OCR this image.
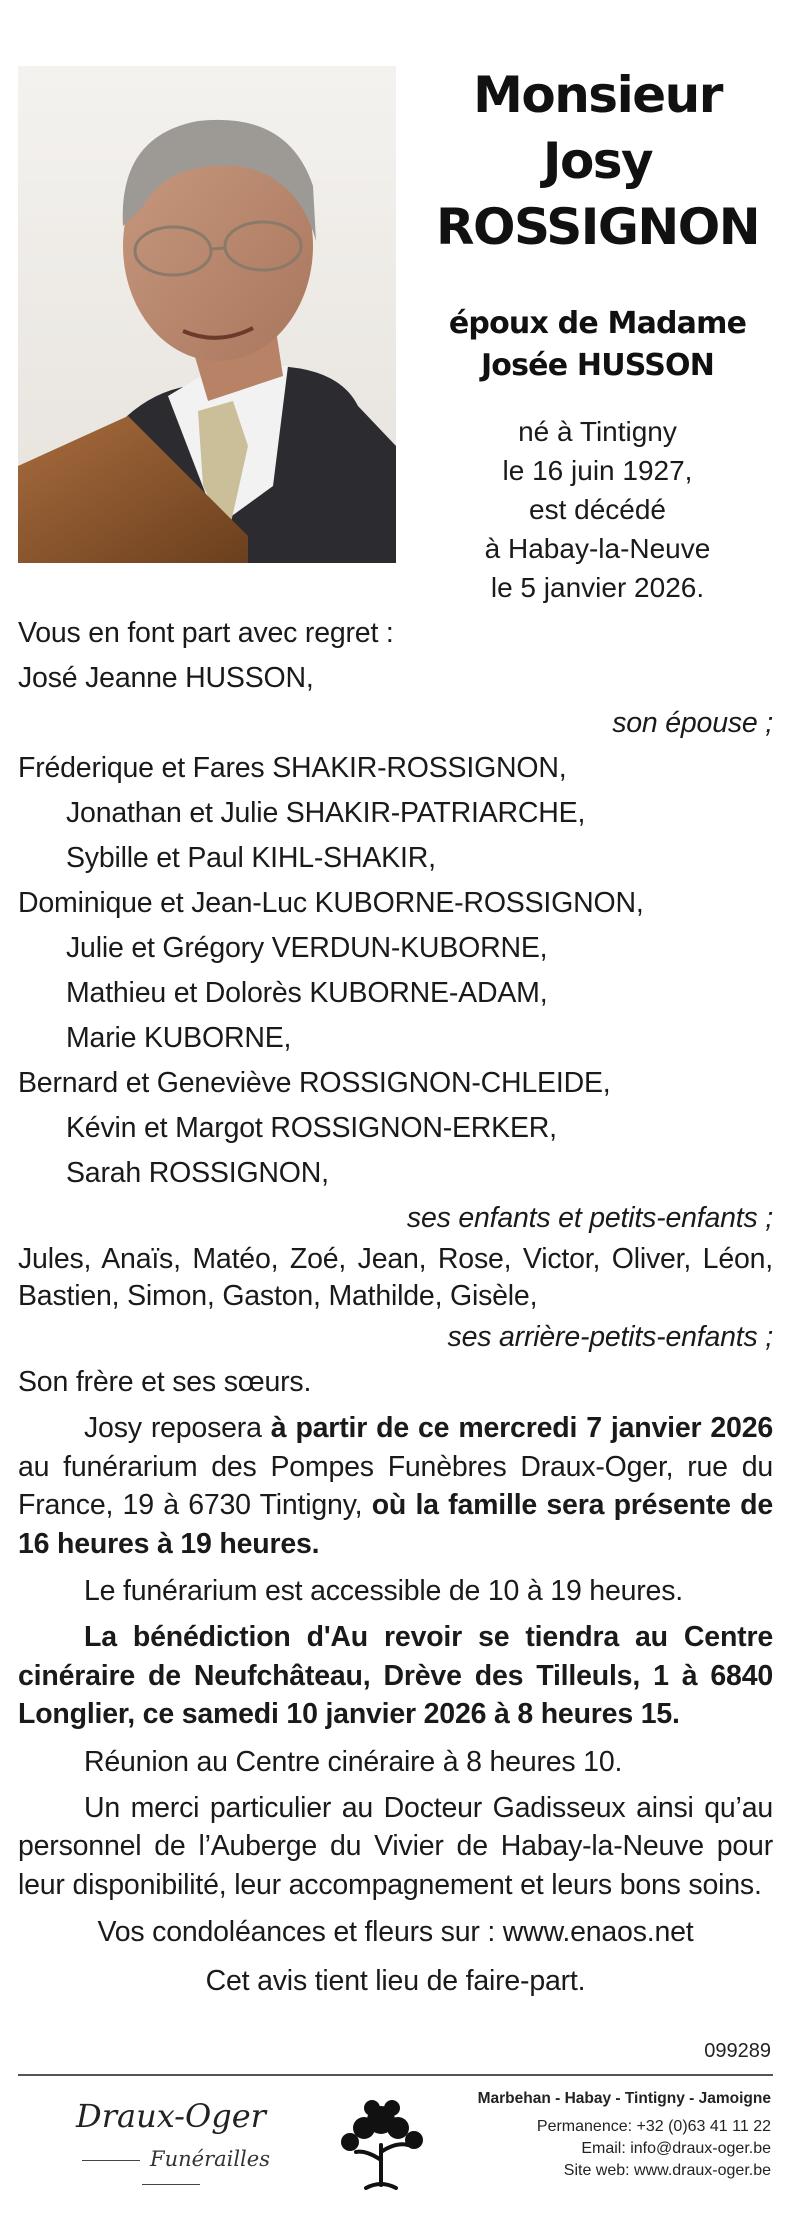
Monsieur
Josy
ROSSIGNON
époux de Madame
Josée HUSSON
né à Tintigny
le 16 juin 1927,
est décédé
à Habay-la-Neuve
le 5 janvier 2026.

Vous en font part avec regret :

José Jeanne HUSSON,

son épouse ;

Fréderique et Fares SHAKIR-ROSSIGNON,

Jonathan et Julie SHAKIR-PATRIARCHE,

Sybille et Paul KIHL-SHAKIR,

Dominique et Jean-Luc KUBORNE-ROSSIGNON,

Julie et Grégory VERDUN-KUBORNE,

Mathieu et Dolorès KUBORNE-ADAM,

Marie KUBORNE,

Bernard et Geneviève ROSSIGNON-CHLEIDE,

Kévin et Margot ROSSIGNON-ERKER,

Sarah ROSSIGNON,

ses enfants et petits-enfants ;

Jules, Anaïs, Matéo, Zoé, Jean, Rose, Victor, Oliver, Léon, Bastien, Simon, Gaston, Mathilde, Gisèle,

ses arrière-petits-enfants ;

Son frère et ses sœurs.

Josy reposera à partir de ce mercredi 7 janvier 2026 au funérarium des Pompes Funèbres Draux-Oger, rue du France, 19 à 6730 Tintigny, où la famille sera présente de 16 heures à 19 heures.

Le funérarium est accessible de 10 à 19 heures.

La bénédiction d'Au revoir se tiendra au Centre cinéraire de Neufchâteau, Drève des Tilleuls, 1 à 6840 Longlier, ce samedi 10 janvier 2026 à 8 heures 15.

Réunion au Centre cinéraire à 8 heures 10.

Un merci particulier au Docteur Gadisseux ainsi qu’au personnel de l’Auberge du Vivier de Habay-la-Neuve pour leur disponibilité, leur accompagnement et leurs bons soins.

Vos condoléances et fleurs sur : www.enaos.net

Cet avis tient lieu de faire-part.

099289
Draux-Oger
Funérailles
Marbehan - Habay - Tintigny - Jamoigne
Permanence: +32 (0)63 41 11 22
Email: info@draux-oger.be
Site web: www.draux-oger.be
